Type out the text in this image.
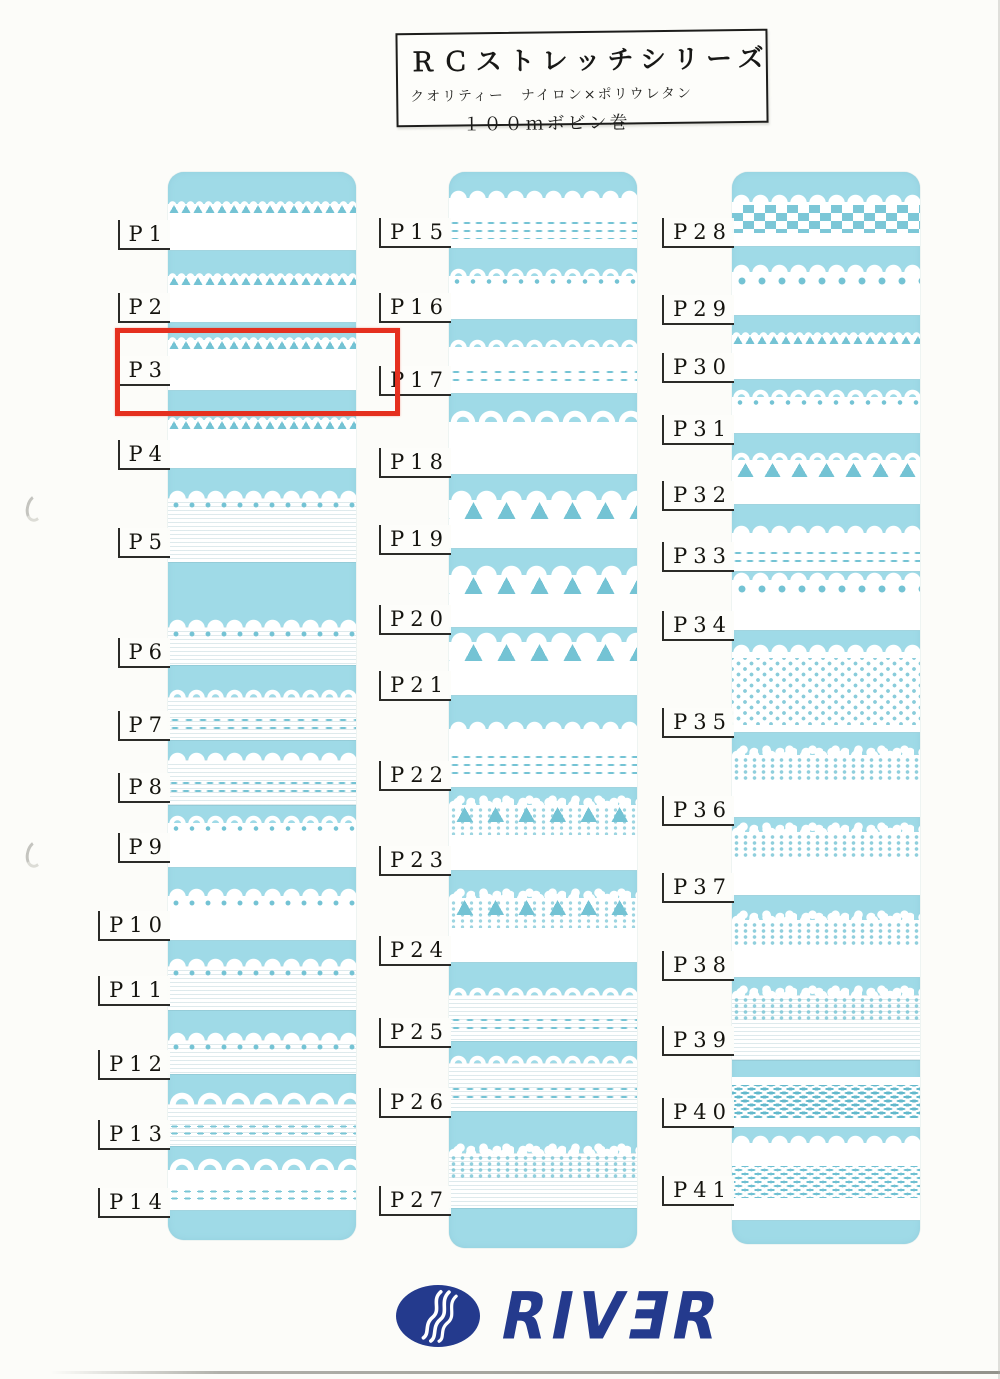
ＲＣストレッチシリーズ
クオリティー　ナイロン×ポリウレタン
１００ｍボビン巻
P1
P2
P3
P4
P5
P6
P7
P8
P9
P10
P11
P12
P13
P14
P15
P16
P17
P18
P19
P20
P21
P22
P23
P24
P25
P26
P27
P28
P29
P30
P31
P32
P33
P34
P35
P36
P37
P38
P39
P40
P41
R
I
V
Ǝ
R
